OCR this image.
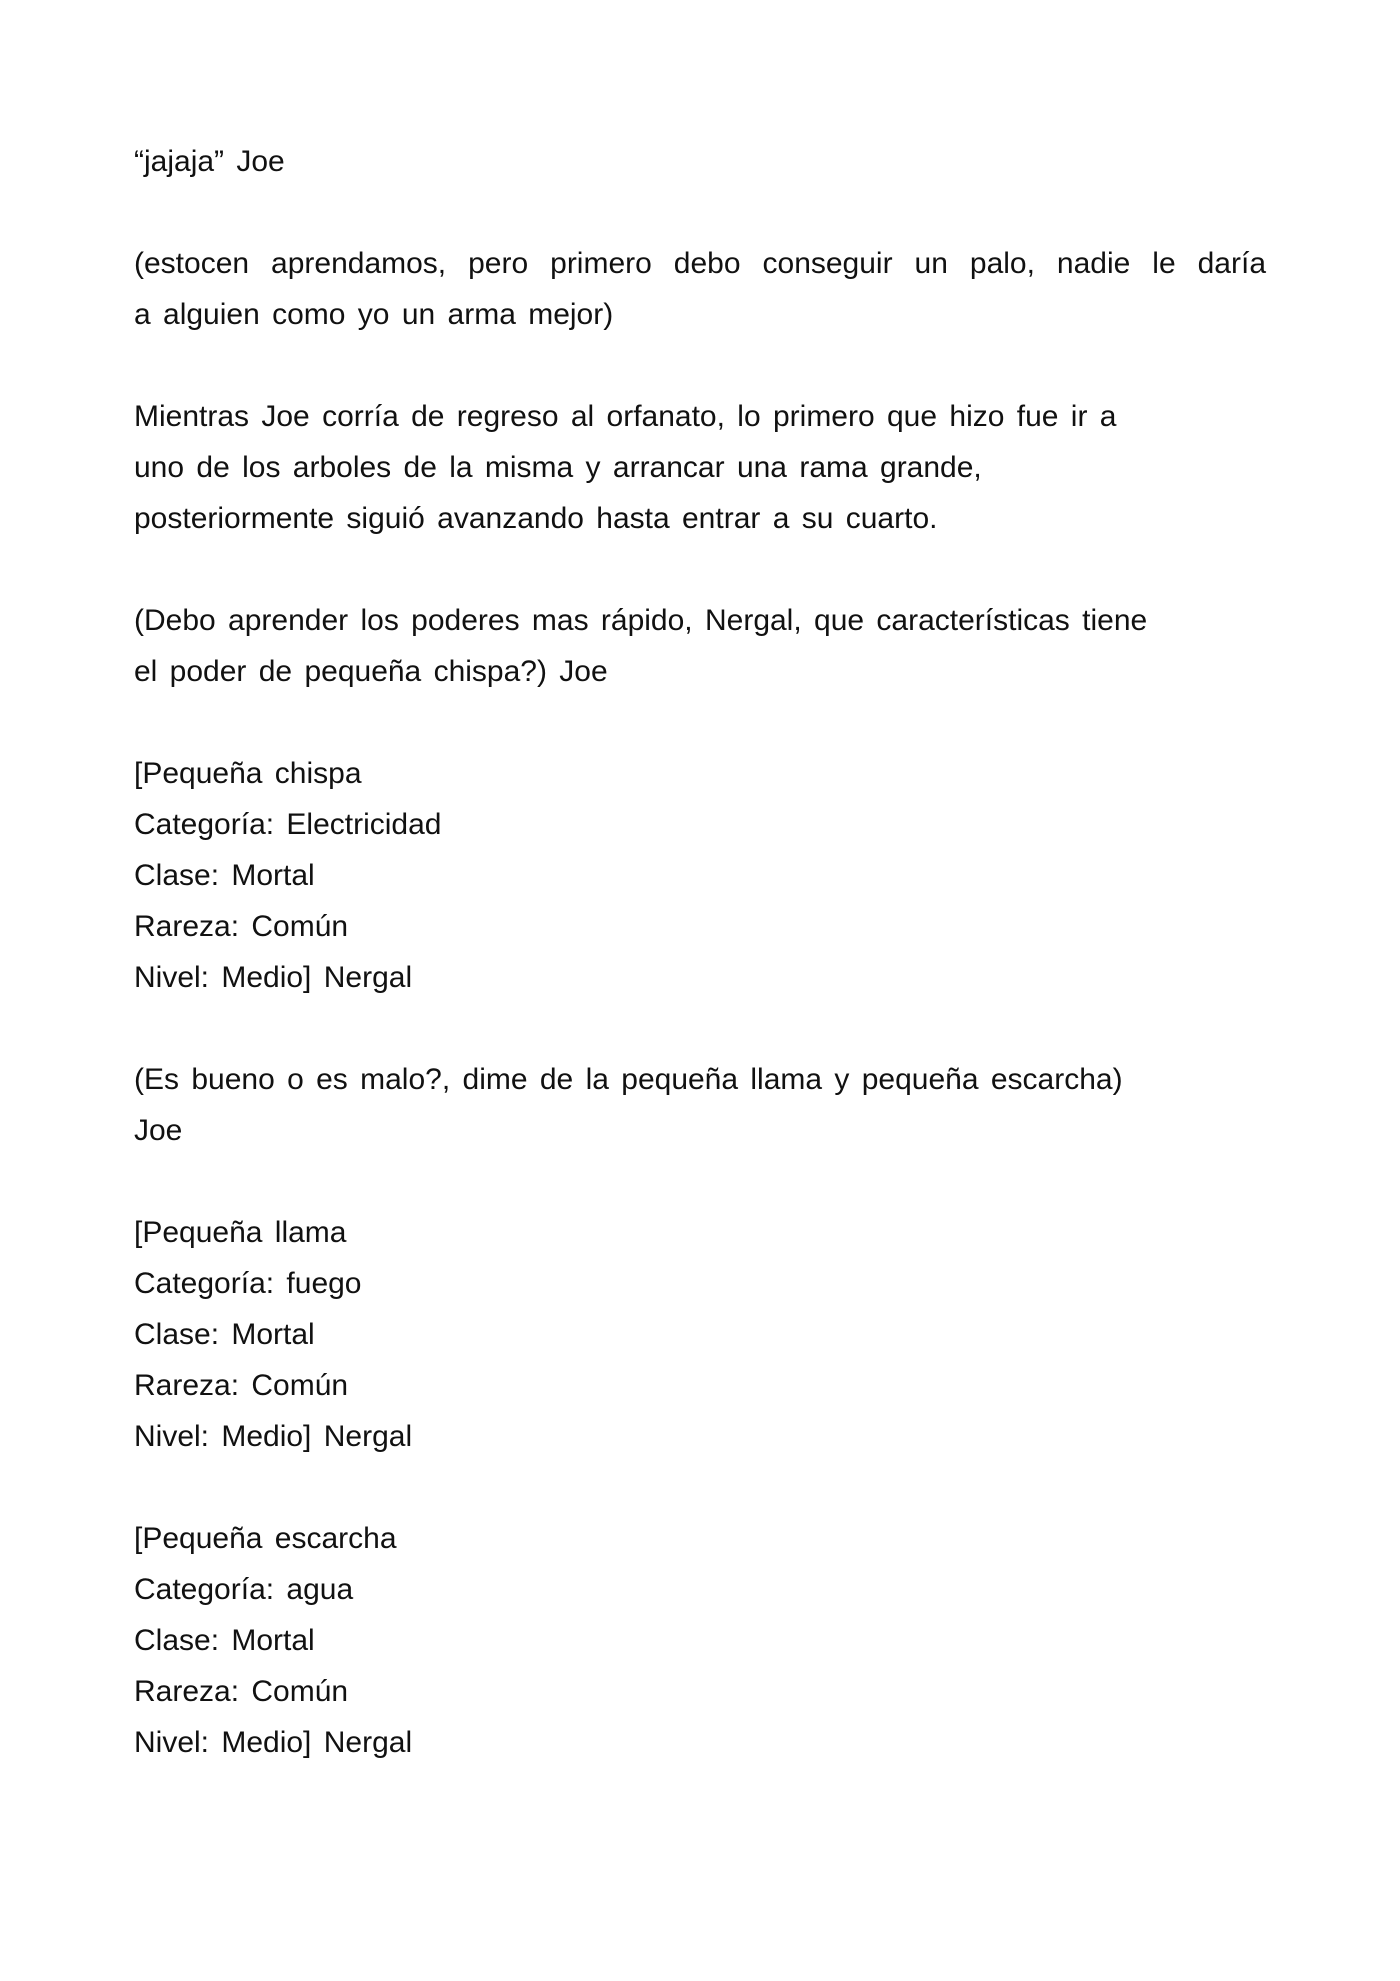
“jajaja” Joe

(estocen aprendamos, pero primero debo conseguir un palo, nadie le daría
a alguien como yo un arma mejor)

Mientras Joe corría de regreso al orfanato, lo primero que hizo fue ir a
uno de los arboles de la misma y arrancar una rama grande,
posteriormente siguió avanzando hasta entrar a su cuarto.

(Debo aprender los poderes mas rápido, Nergal, que características tiene
el poder de pequeña chispa?) Joe

[Pequeña chispa
Categoría: Electricidad
Clase: Mortal
Rareza: Común
Nivel: Medio] Nergal

(Es bueno o es malo?, dime de la pequeña llama y pequeña escarcha)
Joe

[Pequeña llama
Categoría: fuego
Clase: Mortal
Rareza: Común
Nivel: Medio] Nergal

[Pequeña escarcha
Categoría: agua
Clase: Mortal
Rareza: Común
Nivel: Medio] Nergal
